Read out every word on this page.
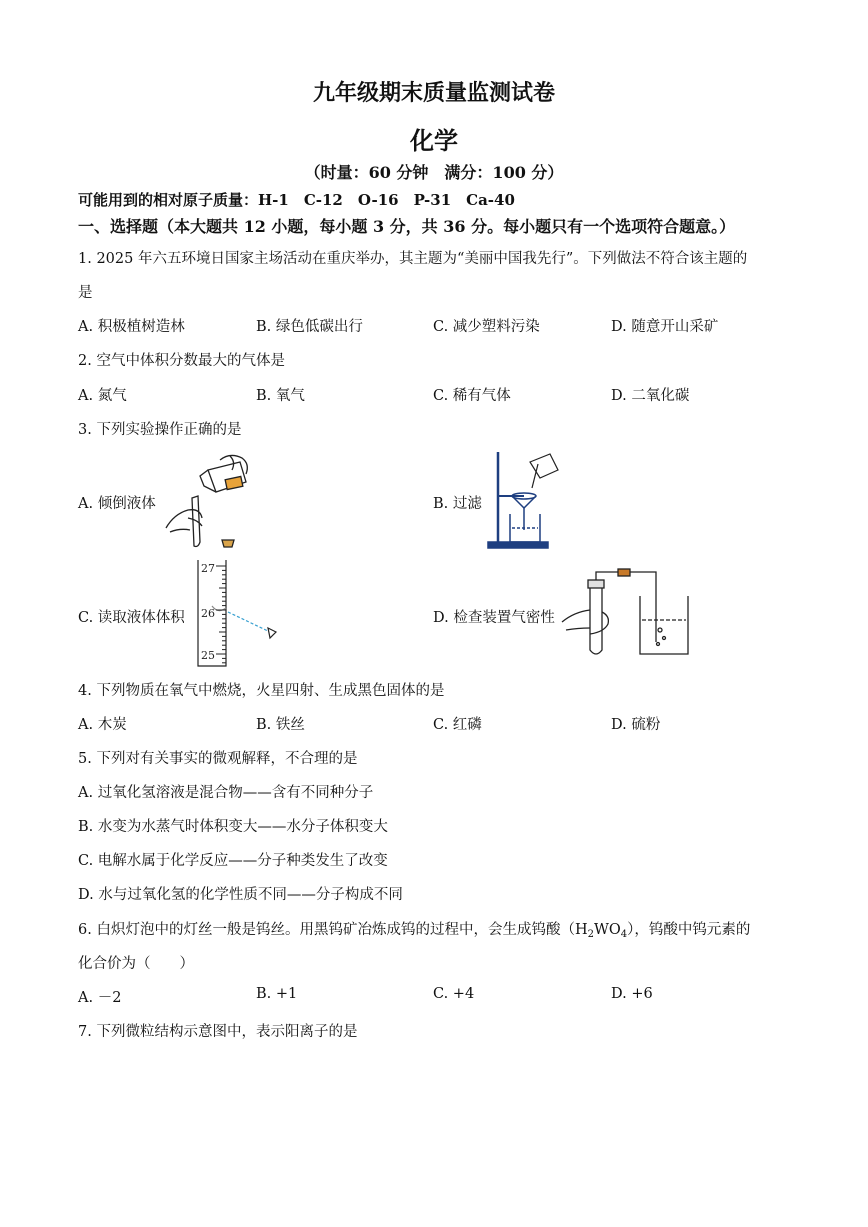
九年级期末质量监测试卷
化学
（时量：60 分钟　满分：100 分）
可能用到的相对原子质量：H-1　C-12　O-16　P-31　Ca-40
一、选择题（本大题共 12 小题，每小题 3 分，共 36 分。每小题只有一个选项符合题意。）
1. 2025 年六五环境日国家主场活动在重庆举办，其主题为“美丽中国我先行”。下列做法不符合该主题的
是
A. 积极植树造林	B. 绿色低碳出行	C. 减少塑料污染	D. 随意开山采矿
2. 空气中体积分数最大的气体是
A. 氮气	B. 氧气	C. 稀有气体	D. 二氧化碳
3. 下列实验操作正确的是
A. 倾倒液体	B. 过滤
C. 读取液体体积	D. 检查装置气密性
27
26
25
4. 下列物质在氧气中燃烧，火星四射、生成黑色固体的是
A. 木炭	B. 铁丝	C. 红磷	D. 硫粉
5. 下列对有关事实的微观解释，不合理的是
A. 过氧化氢溶液是混合物——含有不同种分子
B. 水变为水蒸气时体积变大——水分子体积变大
C. 电解水属于化学反应——分子种类发生了改变
D. 水与过氧化氢的化学性质不同——分子构成不同
6. 白炽灯泡中的灯丝一般是钨丝。用黑钨矿冶炼成钨的过程中，会生成钨酸$(H_2WO_4)$，钨酸中钨元素的
化合价为（　　）
A. －2	B. +1	C. +4	D. +6
7. 下列微粒结构示意图中，表示阳离子的是
